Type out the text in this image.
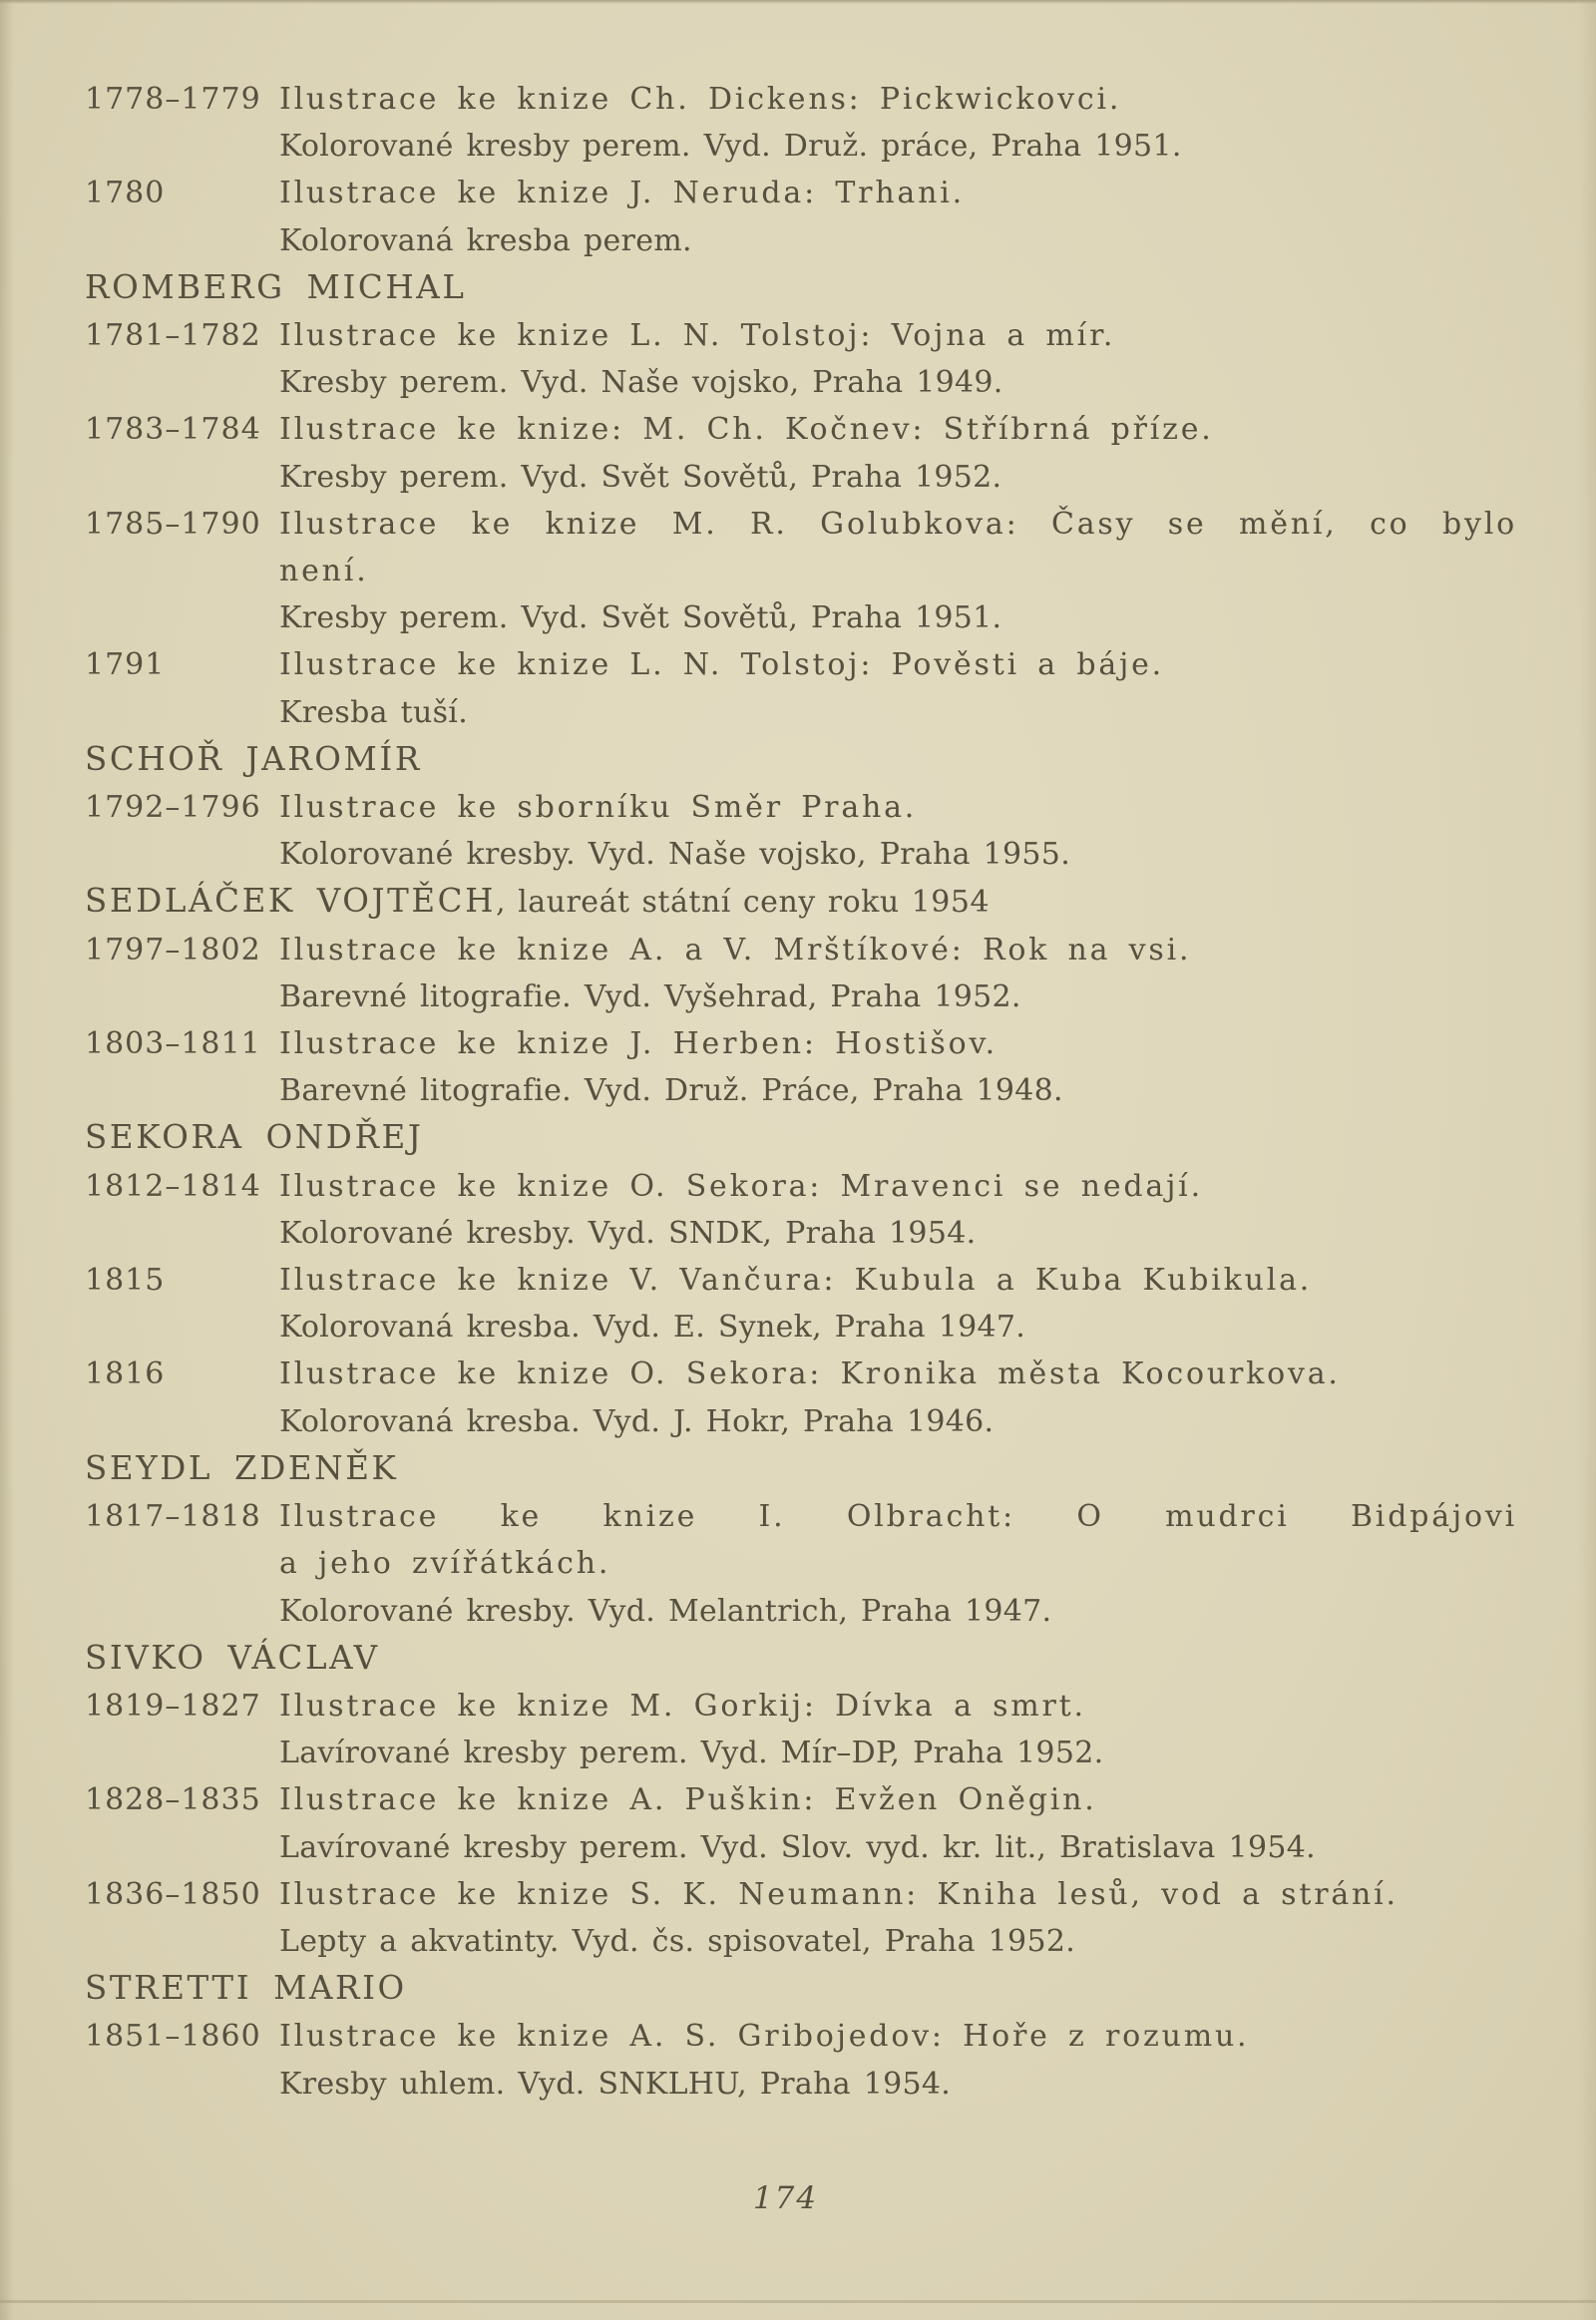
1778–1779 Ilustrace ke knize Ch. Dickens: Pickwickovci.
Kolorované kresby perem. Vyd. Druž. práce, Praha 1951.
1780	Ilustrace ke knize J. Neruda: Trhani.
Kolorovaná kresba perem.
ROMBERG MICHAL
1781–1782 Ilustrace ke knize L. N. Tolstoj: Vojna a mír.
Kresby perem. Vyd. Naše vojsko, Praha 1949.
1783–1784 Ilustrace ke knize: M. Ch. Kočnev: Stříbrná příze.
Kresby perem. Vyd. Svět Sovětů, Praha 1952.
1785–1790 Ilustrace ke knize M. R. Golubkova: Časy se mění, co bylo
není.
Kresby perem. Vyd. Svět Sovětů, Praha 1951.
1791	Ilustrace ke knize L. N. Tolstoj: Pověsti a báje.
Kresba tuší.
SCHOŘ JAROMÍR
1792–1796 Ilustrace ke sborníku Směr Praha.
Kolorované kresby. Vyd. Naše vojsko, Praha 1955.
SEDLÁČEK VOJTĚCH, laureát státní ceny roku 1954
1797–1802 Ilustrace ke knize A. a V. Mrštíkové: Rok na vsi.
Barevné litografie. Vyd. Vyšehrad, Praha 1952.
1803–1811 Ilustrace ke knize J. Herben: Hostišov.
Barevné litografie. Vyd. Druž. Práce, Praha 1948.
SEKORA ONDŘEJ
1812–1814 Ilustrace ke knize O. Sekora: Mravenci se nedají.
Kolorované kresby. Vyd. SNDK, Praha 1954.
1815	Ilustrace ke knize V. Vančura: Kubula a Kuba Kubikula.
Kolorovaná kresba. Vyd. E. Synek, Praha 1947.
1816	Ilustrace ke knize O. Sekora: Kronika města Kocourkova.
Kolorovaná kresba. Vyd. J. Hokr, Praha 1946.
SEYDL ZDENĚK
1817–1818 Ilustrace ke knize I. Olbracht: O mudrci Bidpájovi
a jeho zvířátkách.
Kolorované kresby. Vyd. Melantrich, Praha 1947.
SIVKO VÁCLAV
1819–1827 Ilustrace ke knize M. Gorkij: Dívka a smrt.
Lavírované kresby perem. Vyd. Mír–DP, Praha 1952.
1828–1835 Ilustrace ke knize A. Puškin: Evžen Oněgin.
Lavírované kresby perem. Vyd. Slov. vyd. kr. lit., Bratislava 1954.
1836–1850 Ilustrace ke knize S. K. Neumann: Kniha lesů, vod a strání.
Lepty a akvatinty. Vyd. čs. spisovatel, Praha 1952.
STRETTI MARIO
1851–1860 Ilustrace ke knize A. S. Gribojedov: Hoře z rozumu.
Kresby uhlem. Vyd. SNKLHU, Praha 1954.
174
